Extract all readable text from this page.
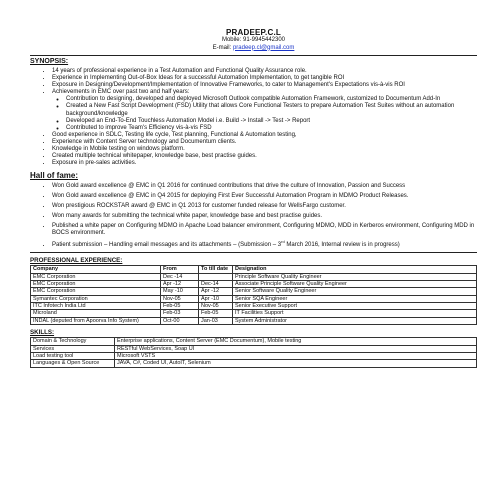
PRADEEP.C.L
Mobile: 91-9945442300
E-mail: pradeep.cl@gmail.com
SYNOPSIS:
• 14 years of professional experience in a Test Automation and Functional Quality Assurance role.
• Experience in Implementing Out-of-Box Ideas for a successful Automation Implementation, to get tangible ROI
• Exposure in Designing/Development/Implementation of Innovative Frameworks, to cater to Management's Expectations vis-à-vis ROI
• Achievements in EMC over past two and half years:
◦ Contribution to designing, developed and deployed Microsoft Outlook compatible Automation Framework, customized to Documentum Add-In
◦ Created a New Fast Script Development (FSD) Utility that allows Core Functional Testers to prepare Automation Test Suites without an automation background/knowledge
◦ Developed an End-To-End Touchless Automation Model i.e. Build -> Install -> Test -> Report
◦ Contributed to improve Team's Efficiency vis-à-vis FSD
• Good experience in SDLC, Testing life cycle, Test planning, Functional & Automation testing,
• Experience with Content Server technology and Documentum clients.
• Knowledge in Mobile testing on windows platform.
• Created multiple technical whitepaper, knowledge base, best practise guides.
• Exposure in pre-sales activities.
Hall of fame:
• Won Gold award excellence @ EMC in Q1 2016 for continued contributions that drive the culture of Innovation, Passion and Success
• Won Gold award excellence @ EMC in Q4 2015 for deploying First Ever Successful Automation Program in MDMO Product Releases.
• Won prestigious ROCKSTAR award @ EMC in Q1 2013 for customer funded release for WellsFargo customer.
• Won many awards for submitting the technical white paper, knowledge base and best practise guides.
• Published a white paper on Configuring MDMO in Apache Load balancer environment, Configuring MDMO, MDD in Kerberos environment, Configuring MDD in BOCS environment.
• Patient submission – Handling email messages and its attachments – (Submission – 3rd March 2016, Internal review is in progress)
PROFESSIONAL EXPERIENCE:
Company	From	To till date	Designation
EMC Corporation	Dec -14		Principle Software Quality Engineer
EMC Corporation	Apr -12	Dec-14	Associate Principle Software Quality Engineer
EMC Corporation	May -10	Apr -12	Senior Software Quality Engineer
Symantec Corporation	Nov-05	Apr -10	Senior SQA Engineer
ITC Infotech India Ltd	Feb-05	Nov-05	Senior Executive Support
Microland	Feb-03	Feb-05	IT Facilities Support
INDAL (deputed from Apoorva Info System)	Oct-00	Jan-03	System Administrator
SKILLS:
Domain & Technology	Enterprise applications, Content Server (EMC Documentum), Mobile testing
Services	RESTful WebServices, Soap UI
Load testing tool	Microsoft VSTS
Languages & Open Source	JAVA, C#, Coded UI, AutoIT, Selenium
